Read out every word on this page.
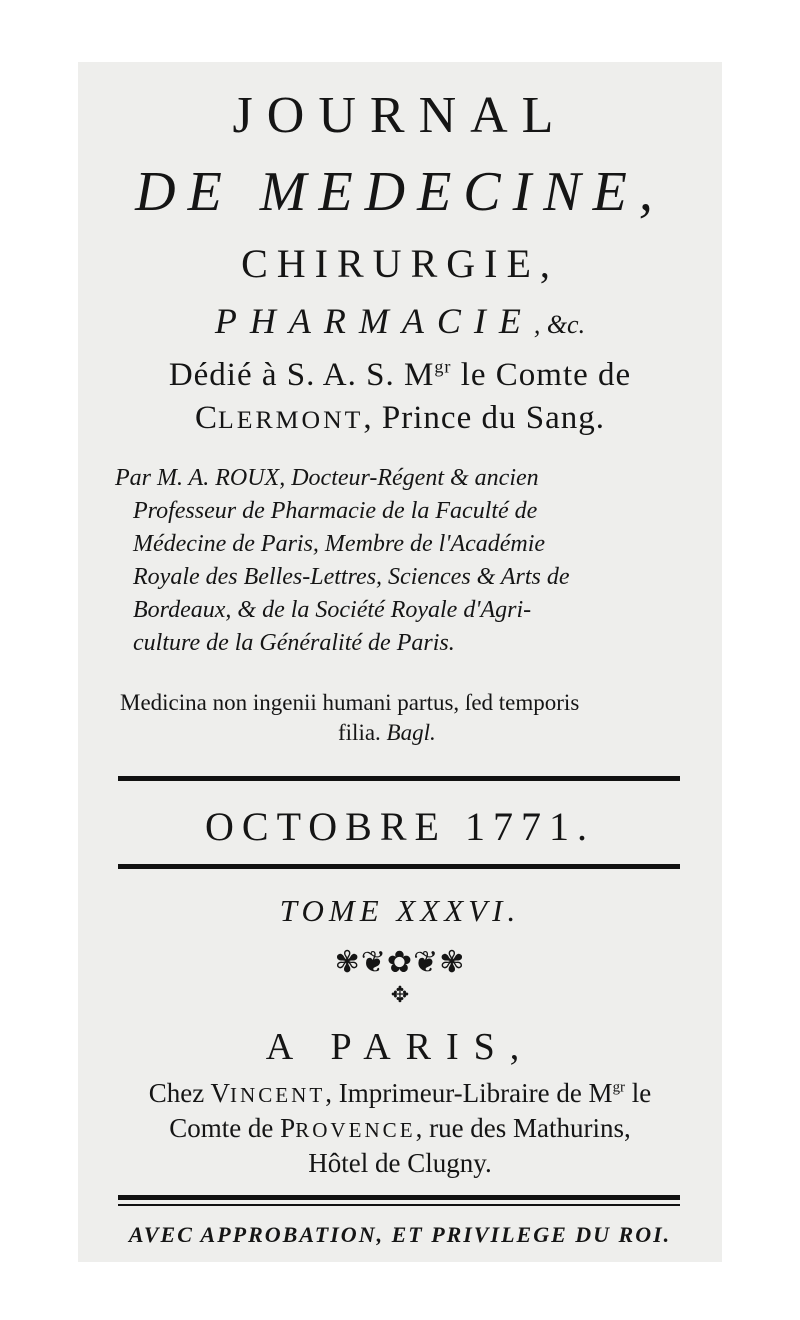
JOURNAL
DE MEDECINE,
CHIRURGIE,
PHARMACIE, &c.
Dédié à S. A. S. $M^{gr}$ le Comte de
CLERMONT, Prince du Sang.
Par M. A. ROUX, Docteur-Régent & ancien
Professeur de Pharmacie de la Faculté de
Médecine de Paris, Membre de l'Académie
Royale des Belles-Lettres, Sciences & Arts de
Bordeaux, & de la Société Royale d'Agri-
culture de la Généralité de Paris.
Medicina non ingenii humani partus, ſed temporis
filia. Bagl.
OCTOBRE 1771.
TOME XXXVI.
✾❦✿❦✾
✥
A PARIS,
Chez VINCENT, Imprimeur-Libraire de $M^{gr}$ le
Comte de PROVENCE, rue des Mathurins,
Hôtel de Clugny.
AVEC APPROBATION, ET PRIVILEGE DU ROI.
